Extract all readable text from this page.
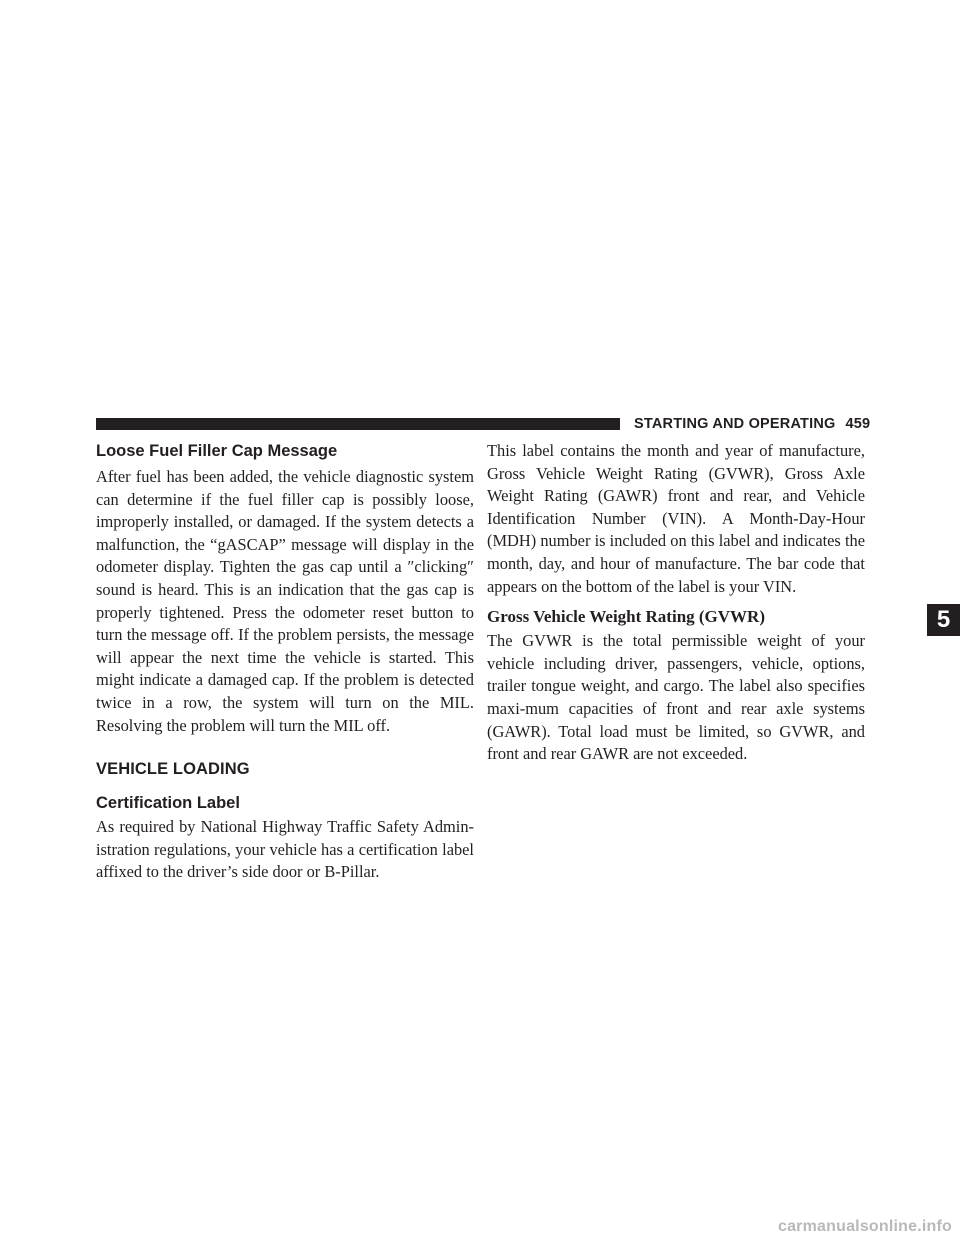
STARTING AND OPERATING 459
Loose Fuel Filler Cap Message

After fuel has been added, the vehicle diagnostic system can determine if the fuel filler cap is possibly loose, improperly installed, or damaged. If the system detects a malfunction, the “gASCAP” message will display in the odometer display. Tighten the gas cap until a ″clicking″ sound is heard. This is an indication that the gas cap is properly tightened. Press the odometer reset button to turn the message off. If the problem persists, the message will appear the next time the vehicle is started. This might indicate a damaged cap. If the problem is detected twice in a row, the system will turn on the MIL. Resolving the problem will turn the MIL off.

VEHICLE LOADING
Certification Label

As required by National Highway Traffic Safety Admin-istration regulations, your vehicle has a certification label affixed to the driver’s side door or B-Pillar.

This label contains the month and year of manufacture, Gross Vehicle Weight Rating (GVWR), Gross Axle Weight Rating (GAWR) front and rear, and Vehicle Identification Number (VIN). A Month-Day-Hour (MDH) number is included on this label and indicates the month, day, and hour of manufacture. The bar code that appears on the bottom of the label is your VIN.

Gross Vehicle Weight Rating (GVWR)

The GVWR is the total permissible weight of your vehicle including driver, passengers, vehicle, options, trailer tongue weight, and cargo. The label also specifies maxi-mum capacities of front and rear axle systems (GAWR). Total load must be limited, so GVWR, and front and rear GAWR are not exceeded.

5
carmanualsonline.info
